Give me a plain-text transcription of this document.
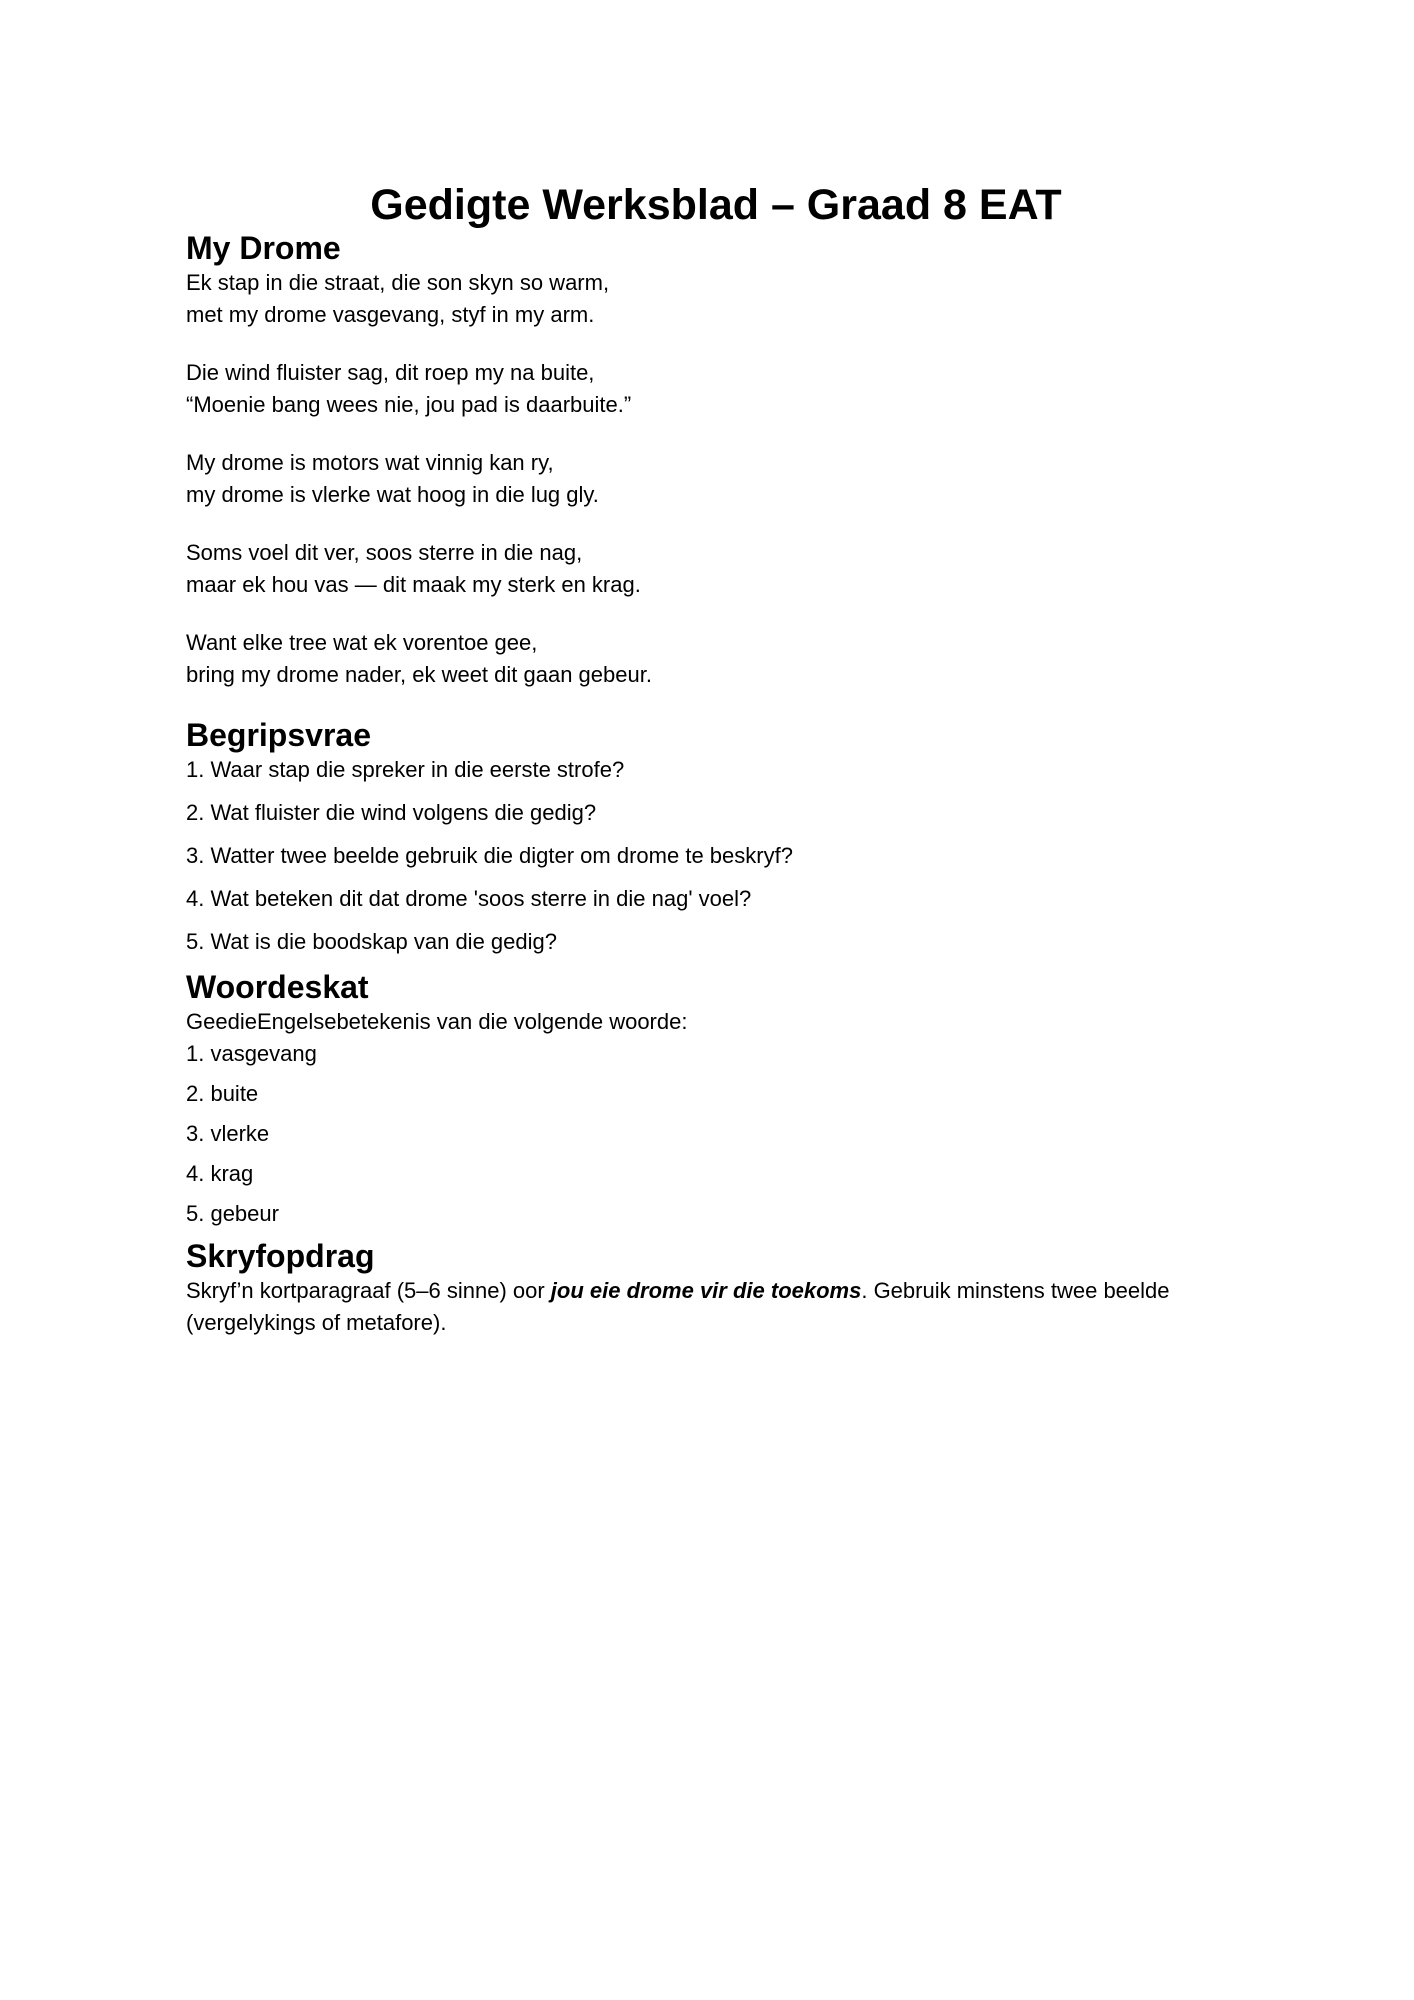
Gedigte Werksblad – Graad 8 EAT
My Drome

Ek stap in die straat, die son skyn so warm,
met my drome vasgevang, styf in my arm.

Die wind fluister sag, dit roep my na buite,
“Moenie bang wees nie, jou pad is daarbuite.”

My drome is motors wat vinnig kan ry,
my drome is vlerke wat hoog in die lug gly.

Soms voel dit ver, soos sterre in die nag,
maar ek hou vas — dit maak my sterk en krag.

Want elke tree wat ek vorentoe gee,
bring my drome nader, ek weet dit gaan gebeur.

Begripsvrae

1. Waar stap die spreker in die eerste strofe?

2. Wat fluister die wind volgens die gedig?

3. Watter twee beelde gebruik die digter om drome te beskryf?

4. Wat beteken dit dat drome 'soos sterre in die nag' voel?

5. Wat is die boodskap van die gedig?

Woordeskat

GeedieEngelsebetekenis van die volgende woorde:
1. vasgevang

2. buite

3. vlerke

4. krag

5. gebeur

Skryfopdrag

Skryf’n kortparagraaf (5–6 sinne) oor jou eie drome vir die toekoms. Gebruik minstens twee beelde (vergelykings of metafore).
